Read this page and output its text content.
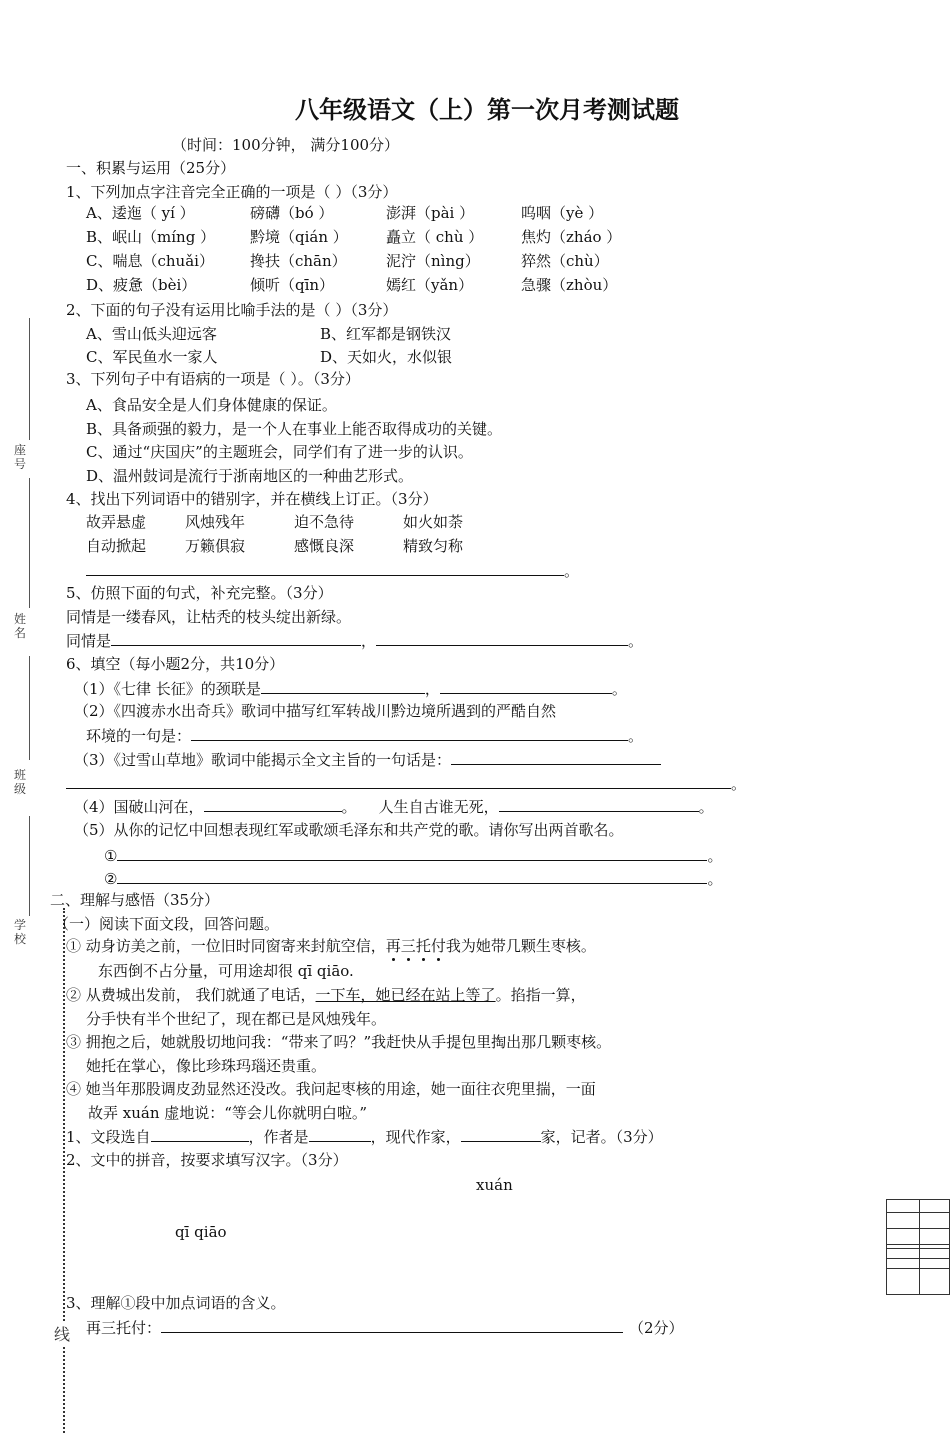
座号
姓名
班级
学校
线
八年级语文（上）第一次月考测试题
（时间：100分钟， 满分100分）
一、积累与运用（25分）
1、下列加点字注音完全正确的一项是（ ）（3分）
A、逶迤（ yí ）	磅礴（bó ）	澎湃（pài ）	呜咽（yè ）
B、岷山（míng ） 黔境（qián ）	矗立（ chù ）	焦灼（zháo ）
C、喘息（chuǎi） 搀扶（chān）	泥泞（nìng）	猝然（chù）
D、疲惫（bèi）	倾听（qīn）	嫣红（yǎn）	急骤（zhòu）
2、下面的句子没有运用比喻手法的是（ ）（3分）
A、雪山低头迎远客	B、红军都是钢铁汉
C、军民鱼水一家人	D、天如火，水似银
3、下列句子中有语病的一项是（ ）。（3分）
A、食品安全是人们身体健康的保证。
B、具备顽强的毅力，是一个人在事业上能否取得成功的关键。
C、通过“庆国庆”的主题班会，同学们有了进一步的认识。
D、温州鼓词是流行于浙南地区的一种曲艺形式。
4、找出下列词语中的错别字，并在横线上订正。（3分）
故弄悬虚	风烛残年	迫不急待	如火如荼
自动掀起	万籁俱寂	感慨良深	精致匀称
。
5、仿照下面的句式，补充完整。（3分）
同情是一缕春风，让枯秃的枝头绽出新绿。
同情是	，	。
6、填空（每小题2分，共10分）
（1）《七律 长征》的颈联是	，	。
（2）《四渡赤水出奇兵》歌词中描写红军转战川黔边境所遇到的严酷自然
环境的一句是：	。
（3）《过雪山草地》歌词中能揭示全文主旨的一句话是：
。
（4）国破山河在，	。 人生自古谁无死，	。
（5）从你的记忆中回想表现红军或歌颂毛泽东和共产党的歌。请你写出两首歌名。
①	。
②	。
二、理解与感悟（35分）
（一）阅读下面文段，回答问题。
① 动身访美之前，一位旧时同窗寄来封航空信，再三托付我为她带几颗生枣核。
东西倒不占分量，可用途却很 qī qiāo.
② 从费城出发前， 我们就通了电话，一下车，她已经在站上等了。掐指一算，
分手快有半个世纪了，现在都已是风烛残年。
③ 拥抱之后，她就殷切地问我：“带来了吗？”我赶快从手提包里掏出那几颗枣核。
她托在掌心，像比珍珠玛瑙还贵重。
④ 她当年那股调皮劲显然还没改。我问起枣核的用途，她一面往衣兜里揣，一面
故弄 xuán 虚地说：“等会儿你就明白啦。”
1、文段选自	，作者是	，现代作家，	家，记者。（3分）
2、文中的拼音，按要求填写汉字。（3分）
xuán
qī qiāo
3、理解①段中加点词语的含义。
再三托付：	（2分）
